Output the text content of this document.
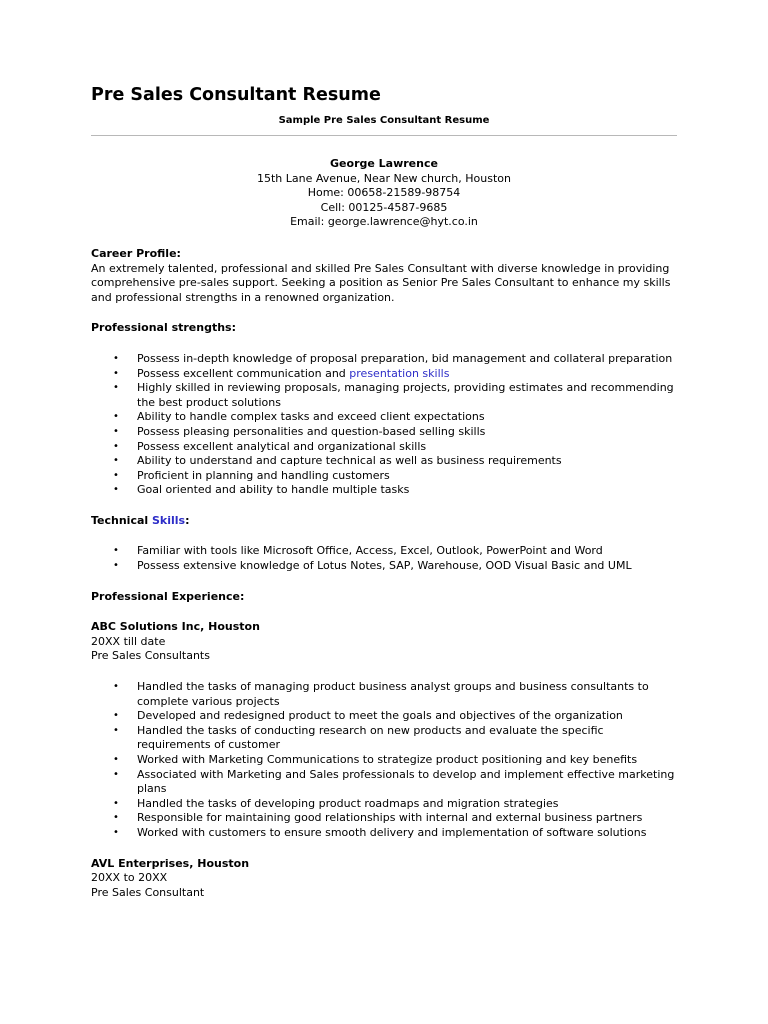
Pre Sales Consultant Resume
Sample Pre Sales Consultant Resume
George Lawrence
15th Lane Avenue, Near New church, Houston
Home: 00658-21589-98754
Cell: 00125-4587-9685
Email: george.lawrence@hyt.co.in

Career Profile:

An extremely talented, professional and skilled Pre Sales Consultant with diverse knowledge in providing comprehensive pre-sales support. Seeking a position as Senior Pre Sales Consultant to enhance my skills and professional strengths in a renowned organization.

Professional strengths:

• Possess in-depth knowledge of proposal preparation, bid management and collateral preparation
• Possess excellent communication and presentation skills
• Highly skilled in reviewing proposals, managing projects, providing estimates and recommending the best product solutions
• Ability to handle complex tasks and exceed client expectations
• Possess pleasing personalities and question-based selling skills
• Possess excellent analytical and organizational skills
• Ability to understand and capture technical as well as business requirements
• Proficient in planning and handling customers
• Goal oriented and ability to handle multiple tasks

Technical Skills:

• Familiar with tools like Microsoft Office, Access, Excel, Outlook, PowerPoint and Word
• Possess extensive knowledge of Lotus Notes, SAP, Warehouse, OOD Visual Basic and UML

Professional Experience:

ABC Solutions Inc, Houston

20XX till date

Pre Sales Consultants

• Handled the tasks of managing product business analyst groups and business consultants to complete various projects
• Developed and redesigned product to meet the goals and objectives of the organization
• Handled the tasks of conducting research on new products and evaluate the specific requirements of customer
• Worked with Marketing Communications to strategize product positioning and key benefits
• Associated with Marketing and Sales professionals to develop and implement effective marketing plans
• Handled the tasks of developing product roadmaps and migration strategies
• Responsible for maintaining good relationships with internal and external business partners
• Worked with customers to ensure smooth delivery and implementation of software solutions

AVL Enterprises, Houston

20XX to 20XX

Pre Sales Consultant
